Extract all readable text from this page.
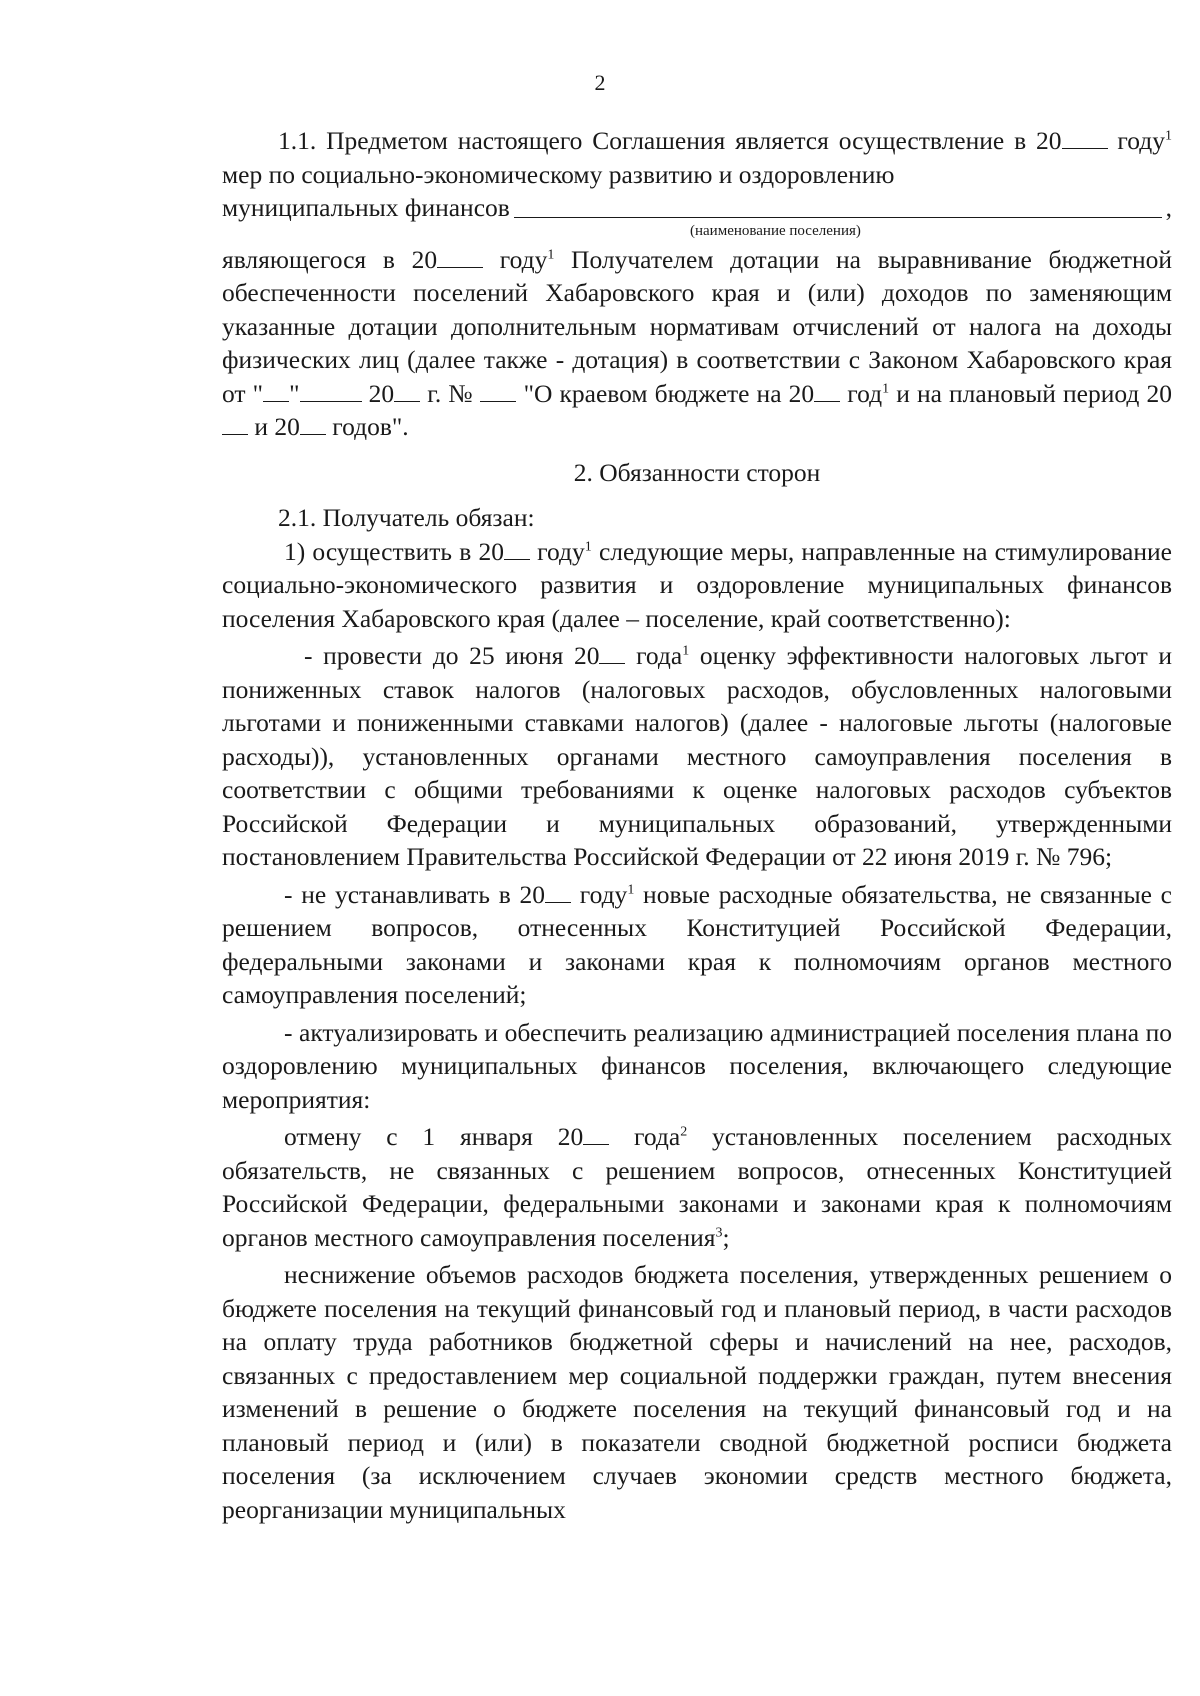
2

1.1. Предметом настоящего Соглашения является осуществление в 20 году$^1$ мер по социально-экономическому развитию и оздоровлению

муниципальных финансов	,
(наименование поселения)

являющегося в 20 году$^1$ Получателем дотации на выравнивание бюджетной обеспеченности поселений Хабаровского края и (или) доходов по заменяющим указанные дотации дополнительным нормативам отчислений от налога на доходы физических лиц (далее также - дотация) в соответствии с Законом Хабаровского края от " " 20 г. №  "О краевом бюджете на 20 год$^1$ и на плановый период 20 и 20 годов".

2. Обязанности сторон

2.1. Получатель обязан:

1) осуществить в 20 году$^1$ следующие меры, направленные на стимулирование социально-экономического развития и оздоровление муниципальных финансов поселения Хабаровского края (далее – поселение, край соответственно):

- провести до 25 июня 20 года$^1$ оценку эффективности налоговых льгот и пониженных ставок налогов (налоговых расходов, обусловленных налоговыми льготами и пониженными ставками налогов) (далее - налоговые льготы (налоговые расходы)), установленных органами местного самоуправления поселения в соответствии с общими требованиями к оценке налоговых расходов субъектов Российской Федерации и муниципальных образований, утвержденными постановлением Правительства Российской Федерации от 22 июня 2019 г. № 796;

- не устанавливать в 20 году$^1$ новые расходные обязательства, не связанные с решением вопросов, отнесенных Конституцией Российской Федерации, федеральными законами и законами края к полномочиям органов местного самоуправления поселений;

- актуализировать и обеспечить реализацию администрацией поселения плана по оздоровлению муниципальных финансов поселения, включающего следующие мероприятия:

отмену с 1 января 20 года$^2$ установленных поселением расходных обязательств, не связанных с решением вопросов, отнесенных Конституцией Российской Федерации, федеральными законами и законами края к полномочиям органов местного самоуправления поселения$^3$;

неснижение объемов расходов бюджета поселения, утвержденных решением о бюджете поселения на текущий финансовый год и плановый период, в части расходов на оплату труда работников бюджетной сферы и начислений на нее, расходов, связанных с предоставлением мер социальной поддержки граждан, путем внесения изменений в решение о бюджете поселения на текущий финансовый год и на плановый период и (или) в показатели сводной бюджетной росписи бюджета поселения (за исключением случаев экономии средств местного бюджета, реорганизации муниципальных
